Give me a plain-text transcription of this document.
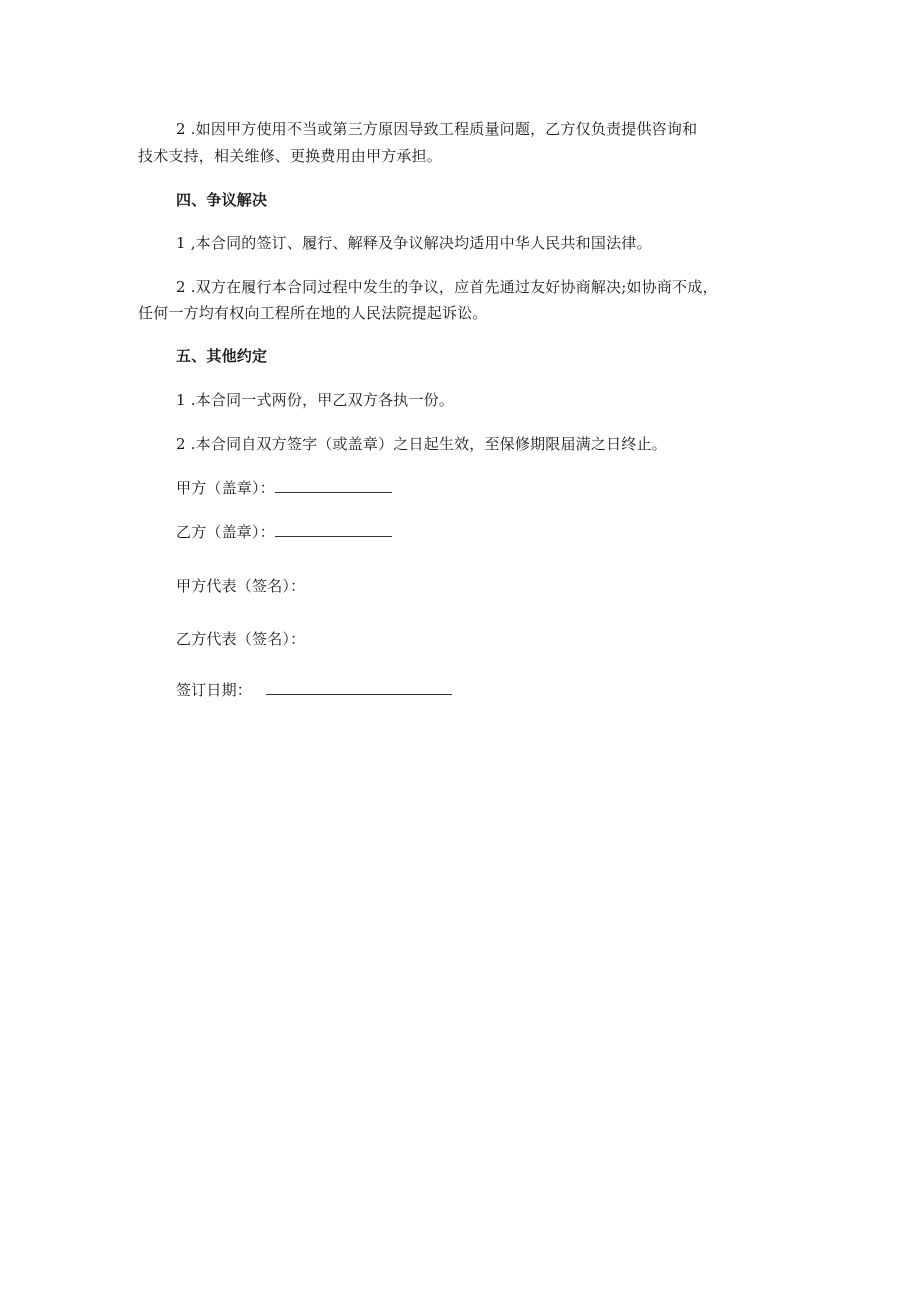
2 .如因甲方使用不当或第三方原因导致工程质量问题，乙方仅负责提供咨询和
技术支持，相关维修、更换费用由甲方承担。
四、争议解决
1 ,本合同的签订、履行、解释及争议解决均适用中华人民共和国法律。
2 .双方在履行本合同过程中发生的争议，应首先通过友好协商解决;如协商不成，
任何一方均有权向工程所在地的人民法院提起诉讼。
五、其他约定
1 .本合同一式两份，甲乙双方各执一份。
2 .本合同自双方签字（或盖章）之日起生效，至保修期限届满之日终止。
甲方（盖章）：
乙方（盖章）：
甲方代表（签名）：
乙方代表（签名）：
签订日期：
